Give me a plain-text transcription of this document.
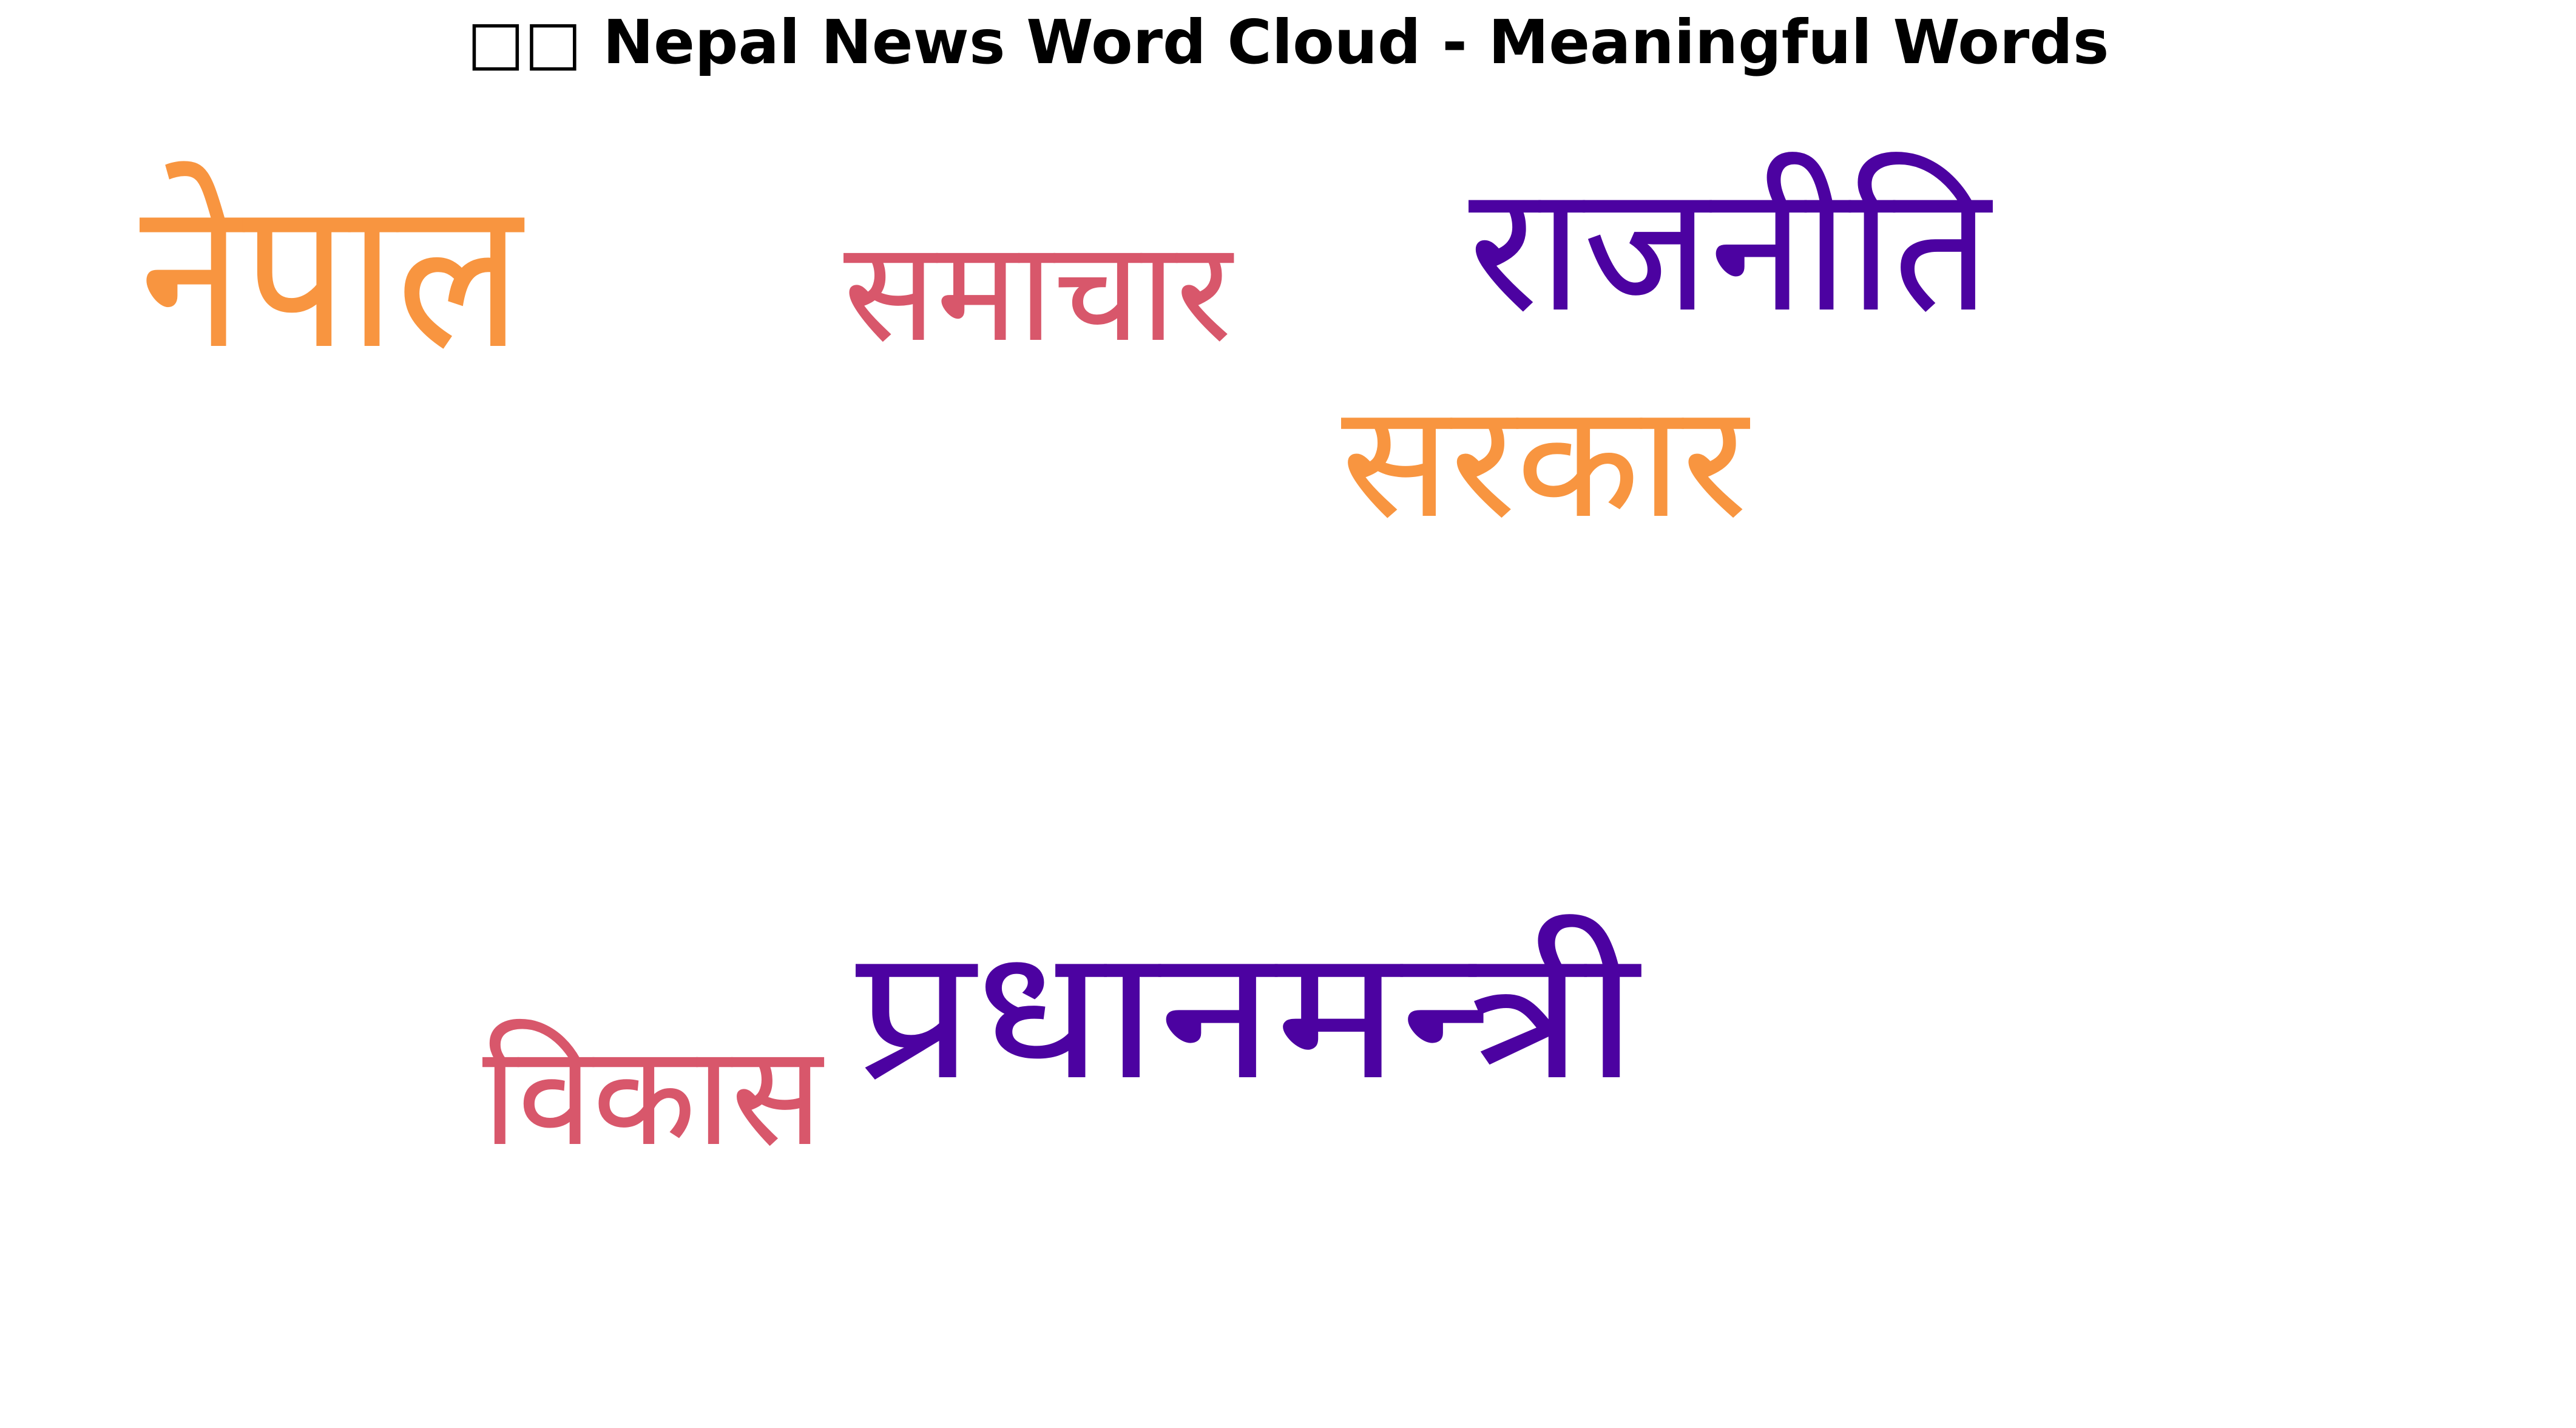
□□ Nepal News Word Cloud - Meaningful Words
नेपाल समाचार राजनीति
सरकार
विकास प्रधानमन्त्री
